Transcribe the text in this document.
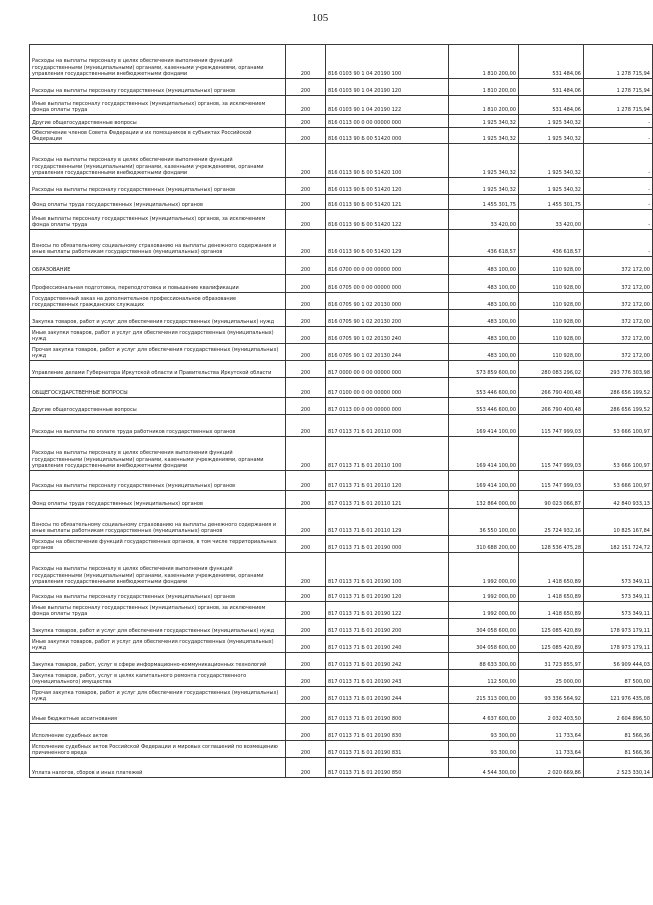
105
Расходы на выплаты персоналу в целях обеспечения выполнения функций государственными (муниципальными) органами, казенными учреждениями, органами управления государственными внебюджетными фондами	200	816 0103 90 1 04 20190 100	1 810 200,00	531 484,06	1 278 715,94
Расходы на выплаты персоналу государственных (муниципальных) органов	200	816 0103 90 1 04 20190 120	1 810 200,00	531 484,06	1 278 715,94
Иные выплаты персоналу государственных (муниципальных) органов, за исключением фонда оплаты труда	200	816 0103 90 1 04 20190 122	1 810 200,00	531 484,06	1 278 715,94
Другие общегосударственные вопросы	200	816 0113 00 0 00 00000 000	1 925 340,32	1 925 340,32	-
Обеспечение членов Совета Федерации и их помощников в субъектах Российской Федерации	200	816 0113 90 Б 00 51420 000	1 925 340,32	1 925 340,32	-
Расходы на выплаты персоналу в целях обеспечения выполнения функций государственными (муниципальными) органами, казенными учреждениями, органами управления государственными внебюджетными фондами	200	816 0113 90 Б 00 51420 100	1 925 340,32	1 925 340,32	-
Расходы на выплаты персоналу государственных (муниципальных) органов	200	816 0113 90 Б 00 51420 120	1 925 340,32	1 925 340,32	-
Фонд оплаты труда государственных (муниципальных) органов	200	816 0113 90 Б 00 51420 121	1 455 301,75	1 455 301,75	-
Иные выплаты персоналу государственных (муниципальных) органов, за исключением фонда оплаты труда	200	816 0113 90 Б 00 51420 122	33 420,00	33 420,00	-
Взносы по обязательному социальному страхованию на выплаты денежного содержания и иные выплаты работникам государственных (муниципальных) органов	200	816 0113 90 Б 00 51420 129	436 618,57	436 618,57	-
ОБРАЗОВАНИЕ	200	816 0700 00 0 00 00000 000	483 100,00	110 928,00	372 172,00
Профессиональная подготовка, переподготовка и повышение квалификации	200	816 0705 00 0 00 00000 000	483 100,00	110 928,00	372 172,00
Государственный заказ на дополнительное профессиональное образование государственных гражданских служащих	200	816 0705 90 1 02 20130 000	483 100,00	110 928,00	372 172,00
Закупка товаров, работ и услуг для обеспечения государственных (муниципальных) нужд	200	816 0705 90 1 02 20130 200	483 100,00	110 928,00	372 172,00
Иные закупки товаров, работ и услуг для обеспечения государственных (муниципальных) нужд	200	816 0705 90 1 02 20130 240	483 100,00	110 928,00	372 172,00
Прочая закупка товаров, работ и услуг для обеспечения государственных (муниципальных) нужд	200	816 0705 90 1 02 20130 244	483 100,00	110 928,00	372 172,00
Управление делами Губернатора Иркутской области и Правительства Иркутской области	200	817 0000 00 0 00 00000 000	573 859 600,00	280 083 296,02	293 776 303,98
ОБЩЕГОСУДАРСТВЕННЫЕ ВОПРОСЫ	200	817 0100 00 0 00 00000 000	553 446 600,00	266 790 400,48	286 656 199,52
Другие общегосударственные вопросы	200	817 0113 00 0 00 00000 000	553 446 600,00	266 790 400,48	286 656 199,52
Расходы на выплаты по оплате труда работников государственных органов	200	817 0113 71 Б 01 20110 000	169 414 100,00	115 747 999,03	53 666 100,97
Расходы на выплаты персоналу в целях обеспечения выполнения функций государственными (муниципальными) органами, казенными учреждениями, органами управления государственными внебюджетными фондами	200	817 0113 71 Б 01 20110 100	169 414 100,00	115 747 999,03	53 666 100,97
Расходы на выплаты персоналу государственных (муниципальных) органов	200	817 0113 71 Б 01 20110 120	169 414 100,00	115 747 999,03	53 666 100,97
Фонд оплаты труда государственных (муниципальных) органов	200	817 0113 71 Б 01 20110 121	132 864 000,00	90 023 066,87	42 840 933,13
Взносы по обязательному социальному страхованию на выплаты денежного содержания и иные выплаты работникам государственных (муниципальных) органов	200	817 0113 71 Б 01 20110 129	36 550 100,00	25 724 932,16	10 825 167,84
Расходы на обеспечение функций государственных органов, в том числе территориальных органов	200	817 0113 71 Б 01 20190 000	310 688 200,00	128 536 475,28	182 151 724,72
Расходы на выплаты персоналу в целях обеспечения выполнения функций государственными (муниципальными) органами, казенными учреждениями, органами управления государственными внебюджетными фондами	200	817 0113 71 Б 01 20190 100	1 992 000,00	1 418 650,89	573 349,11
Расходы на выплаты персоналу государственных (муниципальных) органов	200	817 0113 71 Б 01 20190 120	1 992 000,00	1 418 650,89	573 349,11
Иные выплаты персоналу государственных (муниципальных) органов, за исключением фонда оплаты труда	200	817 0113 71 Б 01 20190 122	1 992 000,00	1 418 650,89	573 349,11
Закупка товаров, работ и услуг для обеспечения государственных (муниципальных) нужд	200	817 0113 71 Б 01 20190 200	304 058 600,00	125 085 420,89	178 973 179,11
Иные закупки товаров, работ и услуг для обеспечения государственных (муниципальных) нужд	200	817 0113 71 Б 01 20190 240	304 058 600,00	125 085 420,89	178 973 179,11
Закупка товаров, работ, услуг в сфере информационно-коммуникационных технологий	200	817 0113 71 Б 01 20190 242	88 633 300,00	31 723 855,97	56 909 444,03
Закупка товаров, работ, услуг в целях капитального ремонта государственного (муниципального) имущества	200	817 0113 71 Б 01 20190 243	112 500,00	25 000,00	87 500,00
Прочая закупка товаров, работ и услуг для обеспечения государственных (муниципальных) нужд	200	817 0113 71 Б 01 20190 244	215 313 000,00	93 336 564,92	121 976 435,08
Иные бюджетные ассигнования	200	817 0113 71 Б 01 20190 800	4 637 600,00	2 032 403,50	2 604 896,50
Исполнение судебных актов	200	817 0113 71 Б 01 20190 830	93 300,00	11 733,64	81 566,36
Исполнение судебных актов Российской Федерации и мировых соглашений по возмещению причиненного вреда	200	817 0113 71 Б 01 20190 831	93 300,00	11 733,64	81 566,36
Уплата налогов, сборов и иных платежей	200	817 0113 71 Б 01 20190 850	4 544 300,00	2 020 669,86	2 523 330,14
